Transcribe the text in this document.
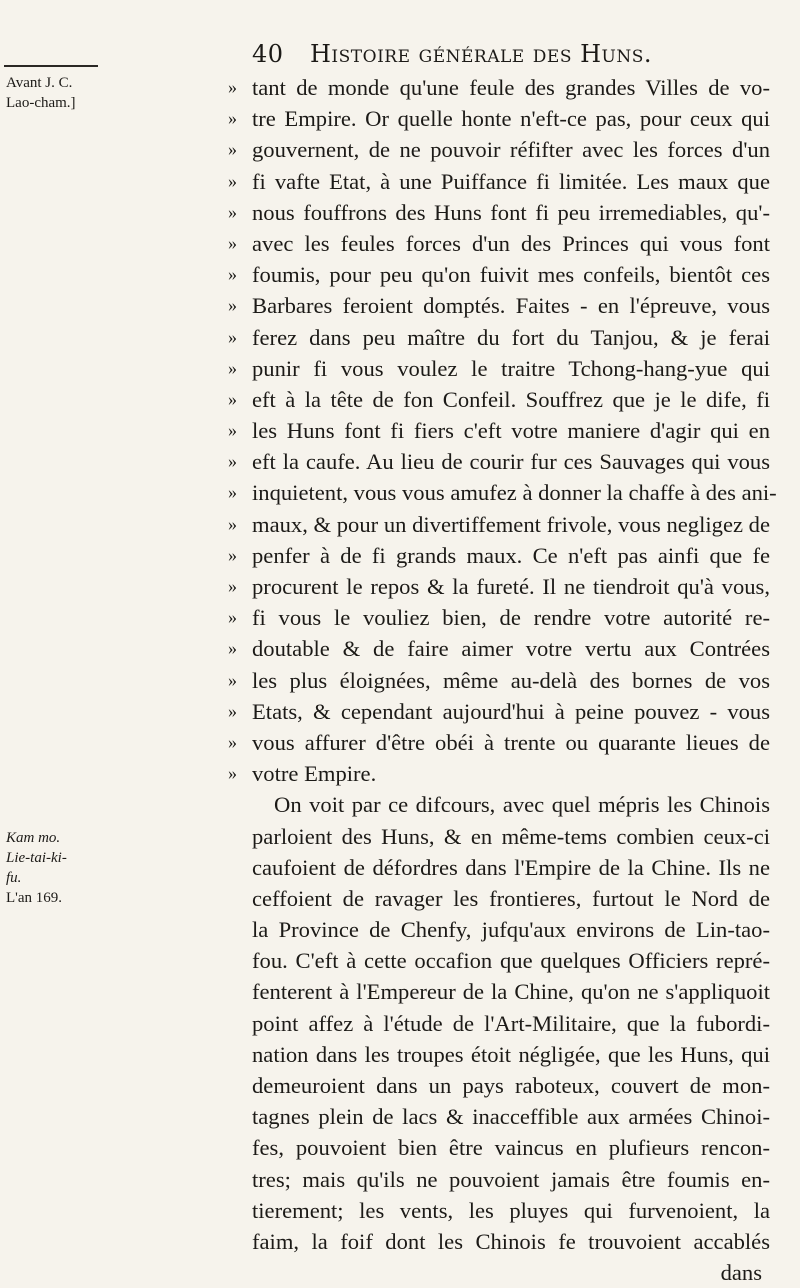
40 Histoire générale des Huns.
Avant J. C.
Lao-cham.]
Kam mo.
Lie-tai-ki-
fu.
L'an 169.
» tant de monde qu'une feule des grandes Villes de vo-
» tre Empire. Or quelle honte n'eft-ce pas, pour ceux qui
» gouvernent, de ne pouvoir réfifter avec les forces d'un
» fi vafte Etat, à une Puiffance fi limitée. Les maux que
» nous fouffrons des Huns font fi peu irremediables, qu'-
» avec les feules forces d'un des Princes qui vous font
» foumis, pour peu qu'on fuivit mes confeils, bientôt ces
» Barbares feroient domptés. Faites - en l'épreuve, vous
» ferez dans peu maître du fort du Tanjou, & je ferai
» punir fi vous voulez le traitre Tchong-hang-yue qui
» eft à la tête de fon Confeil. Souffrez que je le dife, fi
» les Huns font fi fiers c'eft votre maniere d'agir qui en
» eft la caufe. Au lieu de courir fur ces Sauvages qui vous
» inquietent, vous vous amufez à donner la chaffe à des ani-
» maux, & pour un divertiffement frivole, vous negligez de
» penfer à de fi grands maux. Ce n'eft pas ainfi que fe
» procurent le repos & la fureté. Il ne tiendroit qu'à vous,
» fi vous le vouliez bien, de rendre votre autorité re-
» doutable & de faire aimer votre vertu aux Contrées
» les plus éloignées, même au-delà des bornes de vos
» Etats, & cependant aujourd'hui à peine pouvez - vous
» vous affurer d'être obéi à trente ou quarante lieues de
» votre Empire.
On voit par ce difcours, avec quel mépris les Chinois
parloient des Huns, & en même-tems combien ceux-ci
caufoient de défordres dans l'Empire de la Chine. Ils ne
ceffoient de ravager les frontieres, furtout le Nord de
la Province de Chenfy, jufqu'aux environs de Lin-tao-
fou. C'eft à cette occafion que quelques Officiers repré-
fenterent à l'Empereur de la Chine, qu'on ne s'appliquoit
point affez à l'étude de l'Art-Militaire, que la fubordi-
nation dans les troupes étoit négligée, que les Huns, qui
demeuroient dans un pays raboteux, couvert de mon-
tagnes plein de lacs & inacceffible aux armées Chinoi-
fes, pouvoient bien être vaincus en plufieurs rencon-
tres; mais qu'ils ne pouvoient jamais être foumis en-
tierement; les vents, les pluyes qui furvenoient, la
faim, la foif dont les Chinois fe trouvoient accablés
dans
